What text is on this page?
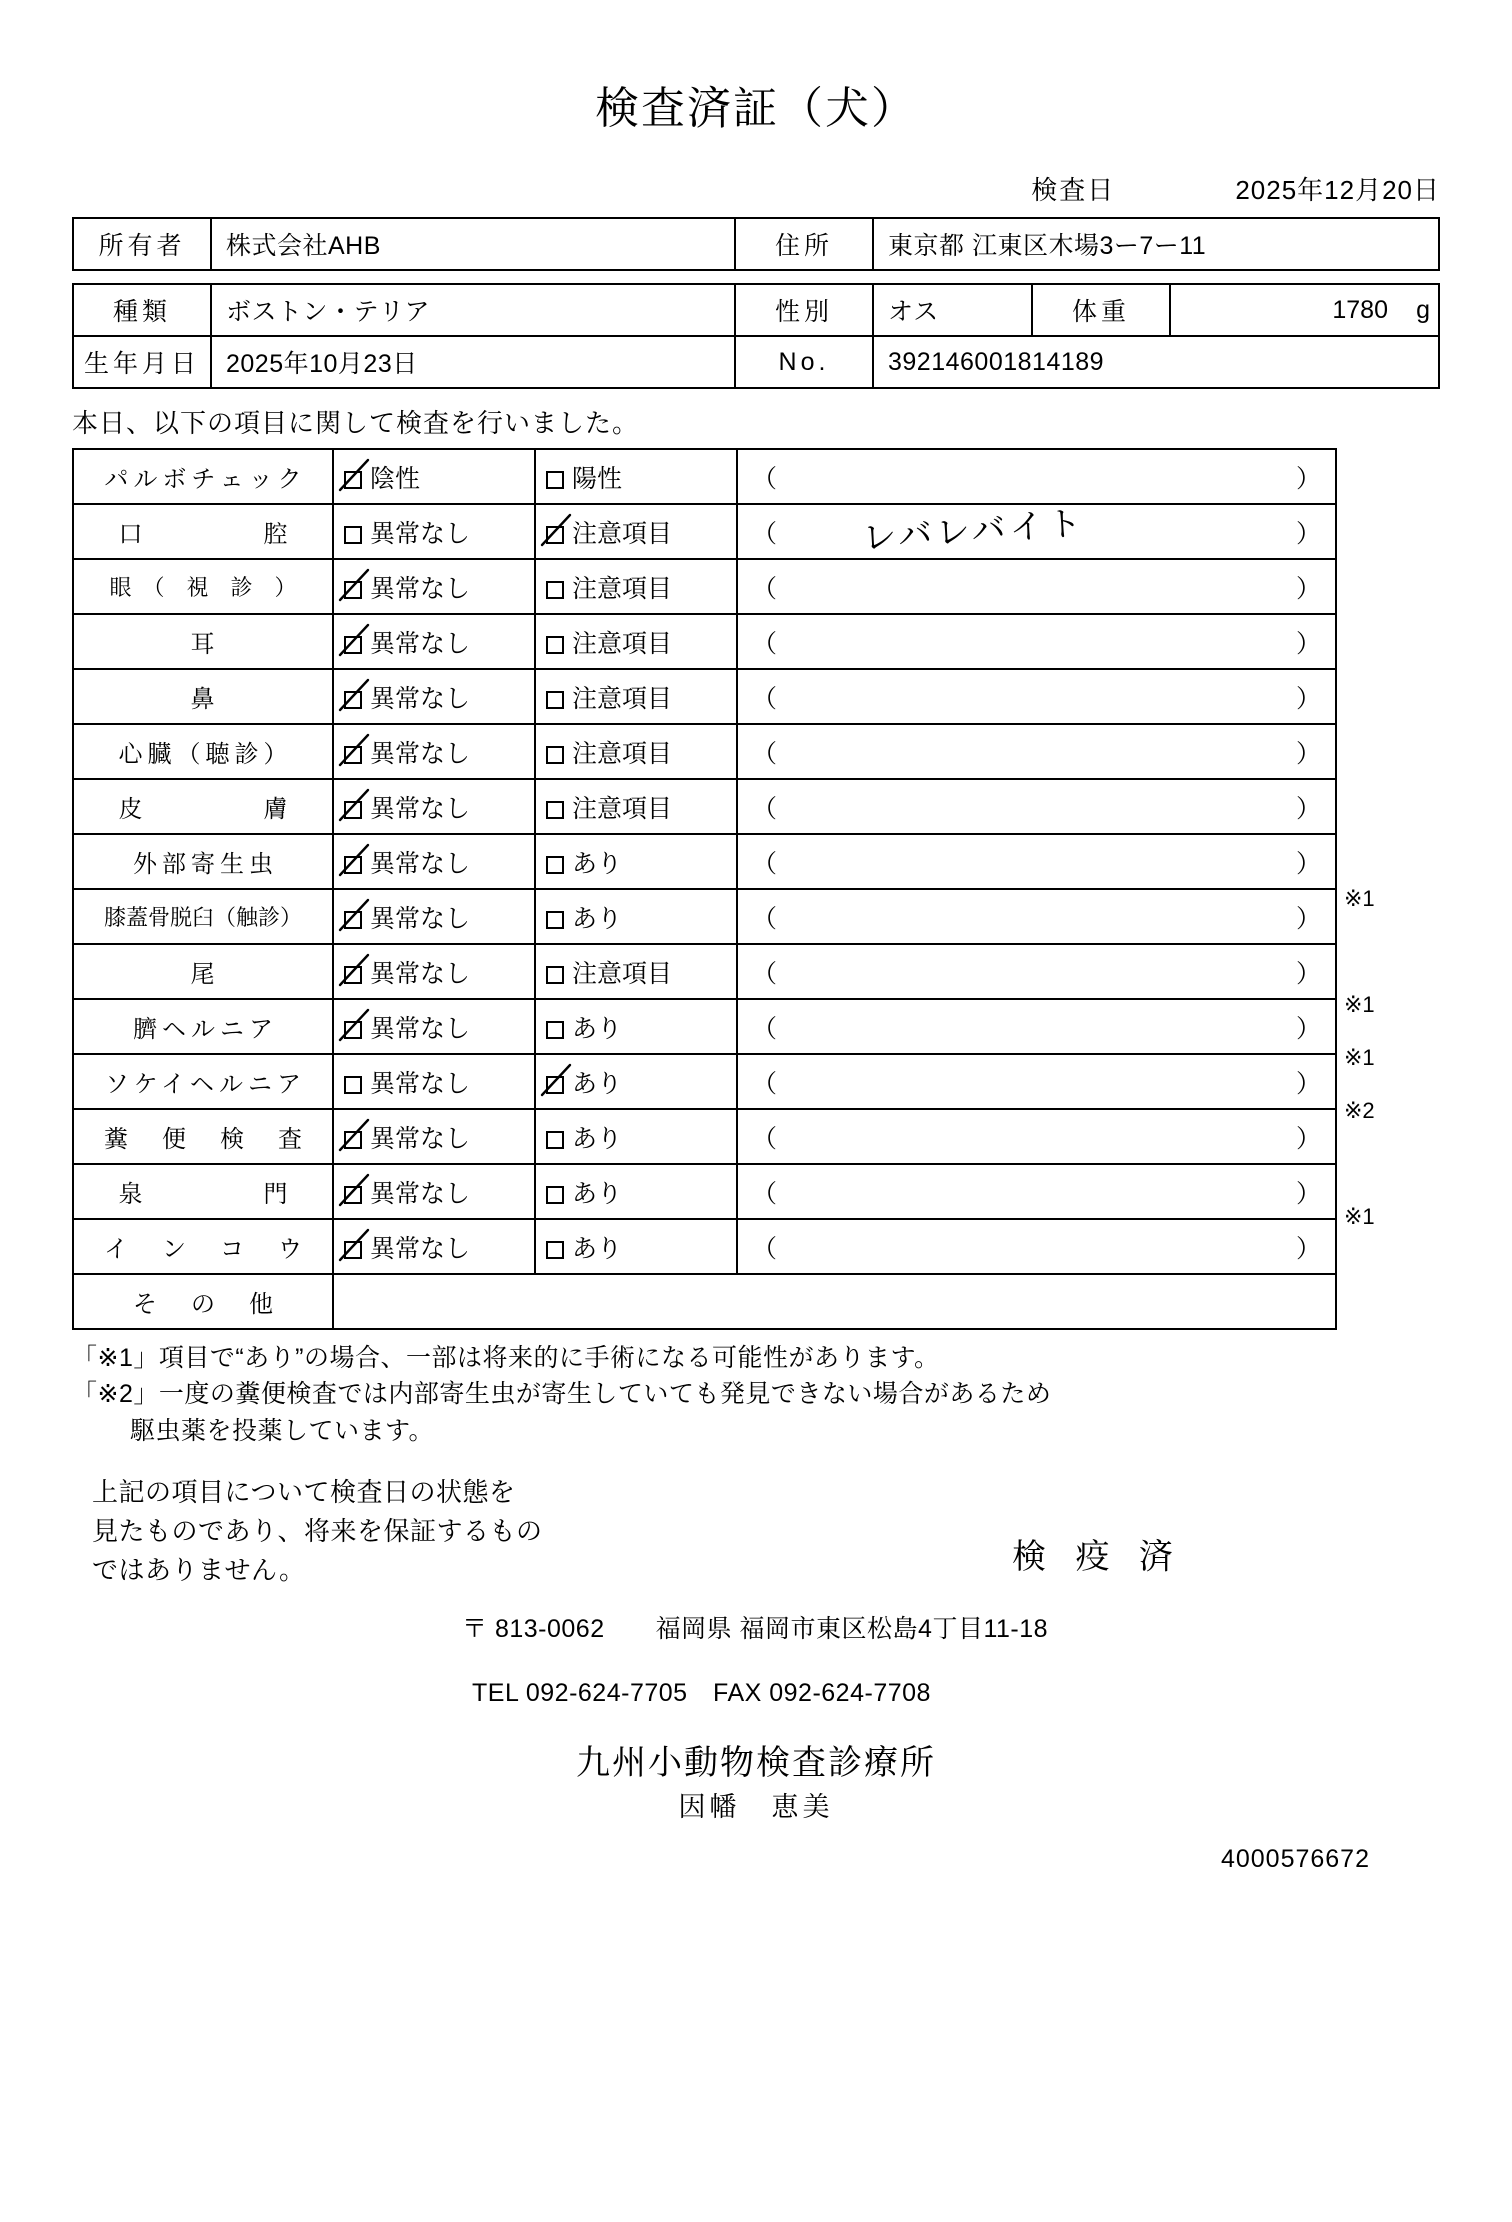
検査済証（犬）
検査日	2025年12月20日
所有者	株式会社AHB	住所	東京都 江東区木場3ー7ー11
種類	ボストン・テリア	性別	オス	体重	1780 g

生年月日	2025年10月23日	No.	392146001814189		
本日、以下の項目に関して検査を行いました。
パルボチェック	陰性	陽性	（ ）

口　　　　腔	異常なし	注意項目	（ ）

眼　（　視　診　）	異常なし	注意項目	（ ）

耳	異常なし	注意項目	（ ）

鼻	異常なし	注意項目	（ ）

心臓（聴診）	異常なし	注意項目	（ ）

皮　　　　膚	異常なし	注意項目	（ ）

外部寄生虫	異常なし	あり	（ ）

膝蓋骨脱臼（触診）	異常なし	あり	（ ）

尾	異常なし	注意項目	（ ）

臍ヘルニア	異常なし	あり	（ ）

ソケイヘルニア	異常なし	あり	（ ）

糞　便　検　査	異常なし	あり	（ ）

泉　　　　門	異常なし	あり	（ ）

イ　ン　コ　ウ	異常なし	あり	（ ）

そ　の　他			
※1
※1
※1
※2
※1
レバレバイト
「※1」項目で“あり”の場合、一部は将来的に手術になる可能性があります。
「※2」一度の糞便検査では内部寄生虫が寄生していても発見できない場合があるため
駆虫薬を投薬しています。
上記の項目について検査日の状態を
見たものであり、将来を保証するもの
ではありません。	検 疫 済
〒 813-0062　　福岡県 福岡市東区松島4丁目11-18
TEL 092-624-7705　FAX 092-624-7708
九州小動物検査診療所
因幡　恵美
4000576672
